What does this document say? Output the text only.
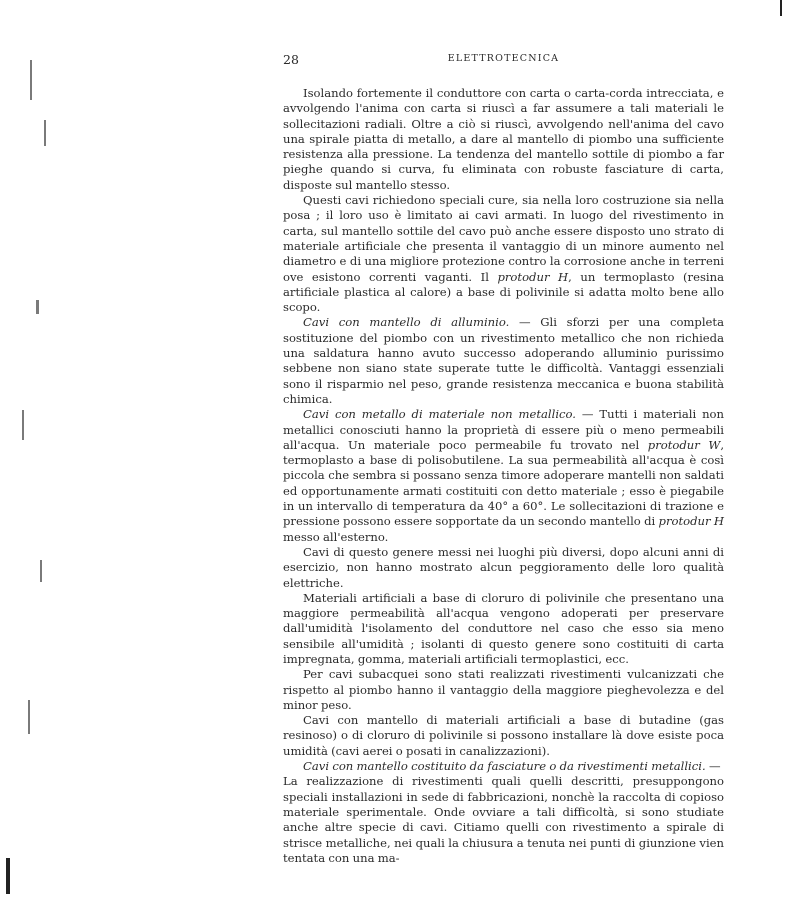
28	ELETTROTECNICA

Isolando fortemente il conduttore con carta o carta-corda intrecciata, e avvolgendo l'anima con carta si riuscì a far assumere a tali materiali le sollecitazioni radiali. Oltre a ciò si riuscì, avvolgendo nell'anima del cavo una spirale piatta di metallo, a dare al mantello di piombo una sufficiente resistenza alla pressione. La tendenza del mantello sottile di piombo a far pieghe quando si curva, fu eliminata con robuste fasciature di carta, disposte sul mantello stesso.

Questi cavi richiedono speciali cure, sia nella loro costruzione sia nella posa ; il loro uso è limitato ai cavi armati. In luogo del rivestimento in carta, sul mantello sottile del cavo può anche essere disposto uno strato di materiale artificiale che presenta il vantaggio di un minore aumento nel diametro e di una migliore protezione contro la corrosione anche in terreni ove esistono correnti vaganti. Il protodur H, un termoplasto (resina artificiale plastica al calore) a base di polivinile si adatta molto bene allo scopo.

Cavi con mantello di alluminio. — Gli sforzi per una completa sostituzione del piombo con un rivestimento metallico che non richieda una saldatura hanno avuto successo adoperando alluminio purissimo sebbene non siano state superate tutte le difficoltà. Vantaggi essenziali sono il risparmio nel peso, grande resistenza meccanica e buona stabilità chimica.

Cavi con metallo di materiale non metallico. — Tutti i materiali non metallici conosciuti hanno la proprietà di essere più o meno permeabili all'acqua. Un materiale poco permeabile fu trovato nel protodur W, termoplasto a base di polisobutilene. La sua permeabilità all'acqua è così piccola che sembra si possano senza timore adoperare mantelli non saldati ed opportunamente armati costituiti con detto materiale ; esso è piegabile in un intervallo di temperatura da 40° a 60°. Le sollecitazioni di trazione e pressione possono essere sopportate da un secondo mantello di protodur H messo all'esterno.

Cavi di questo genere messi nei luoghi più diversi, dopo alcuni anni di esercizio, non hanno mostrato alcun peggioramento delle loro qualità elettriche.

Materiali artificiali a base di cloruro di polivinile che presentano una maggiore permeabilità all'acqua vengono adoperati per preservare dall'umidità l'isolamento del conduttore nel caso che esso sia meno sensibile all'umidità ; isolanti di questo genere sono costituiti di carta impregnata, gomma, materiali artificiali termoplastici, ecc.

Per cavi subacquei sono stati realizzati rivestimenti vulcanizzati che rispetto al piombo hanno il vantaggio della maggiore pieghevolezza e del minor peso.

Cavi con mantello di materiali artificiali a base di butadine (gas resinoso) o di cloruro di polivinile si possono installare là dove esiste poca umidità (cavi aerei o posati in canalizzazioni).

Cavi con mantello costituito da fasciature o da rivestimenti metallici. —

La realizzazione di rivestimenti quali quelli descritti, presuppongono speciali installazioni in sede di fabbricazioni, nonchè la raccolta di copioso materiale sperimentale. Onde ovviare a tali difficoltà, si sono studiate anche altre specie di cavi. Citiamo quelli con rivestimento a spirale di strisce metalliche, nei quali la chiusura a tenuta nei punti di giunzione vien tentata con una ma-
